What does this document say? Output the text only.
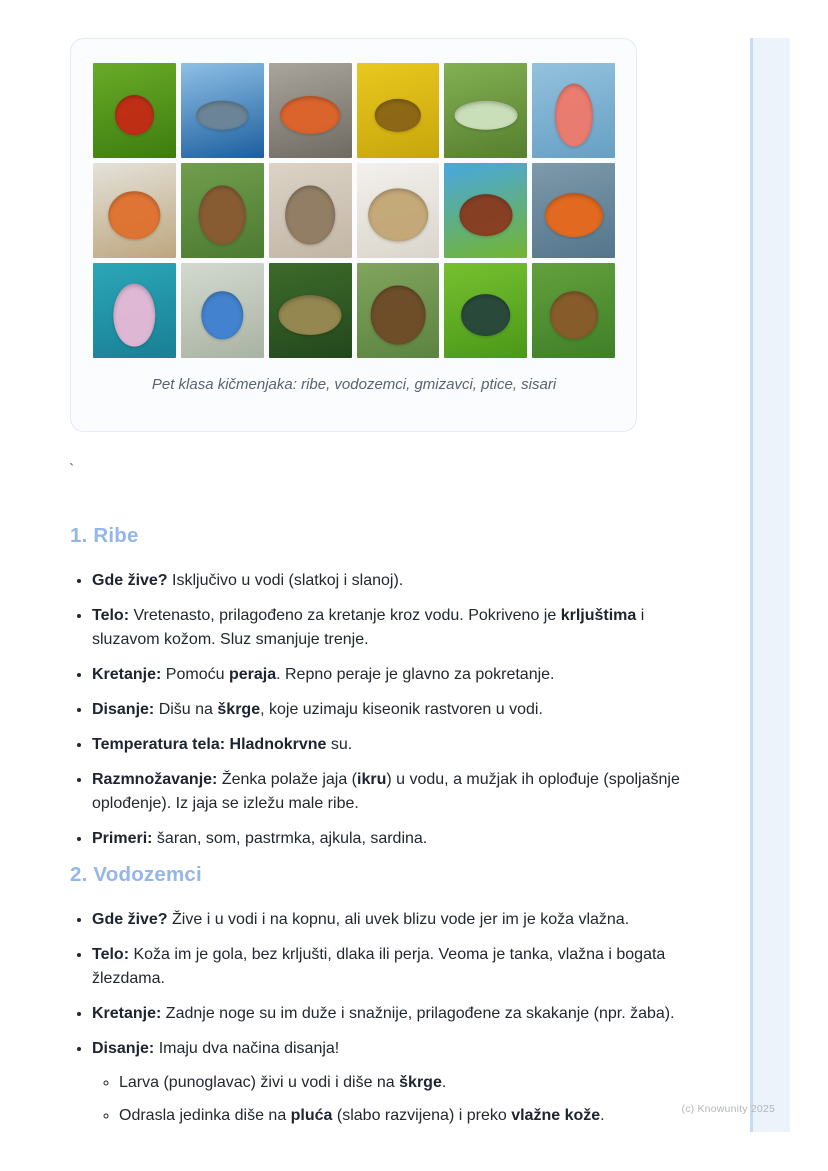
Pet klasa kičmenjaka: ribe, vodozemci, gmizavci, ptice, sisari
`
1. Ribe
• Gde žive? Isključivo u vodi (slatkoj i slanoj).
• Telo: Vretenasto, prilagođeno za kretanje kroz vodu. Pokriveno je krljuštima i sluzavom kožom. Sluz smanjuje trenje.
• Kretanje: Pomoću peraja. Repno peraje je glavno za pokretanje.
• Disanje: Dišu na škrge, koje uzimaju kiseonik rastvoren u vodi.
• Temperatura tela: Hladnokrvne su.
• Razmnožavanje: Ženka polaže jaja (ikru) u vodu, a mužjak ih oplođuje (spoljašnje oplođenje). Iz jaja se izležu male ribe.
• Primeri: šaran, som, pastrmka, ajkula, sardina.
2. Vodozemci
• Gde žive? Žive i u vodi i na kopnu, ali uvek blizu vode jer im je koža vlažna.
• Telo: Koža im je gola, bez krljušti, dlaka ili perja. Veoma je tanka, vlažna i bogata žlezdama.
• Kretanje: Zadnje noge su im duže i snažnije, prilagođene za skakanje (npr. žaba).
• Disanje: Imaju dva načina disanja!
◦ Larva (punoglavac) živi u vodi i diše na škrge.
◦ Odrasla jedinka diše na pluća (slabo razvijena) i preko vlažne kože.	(c) Knowunity 2025
